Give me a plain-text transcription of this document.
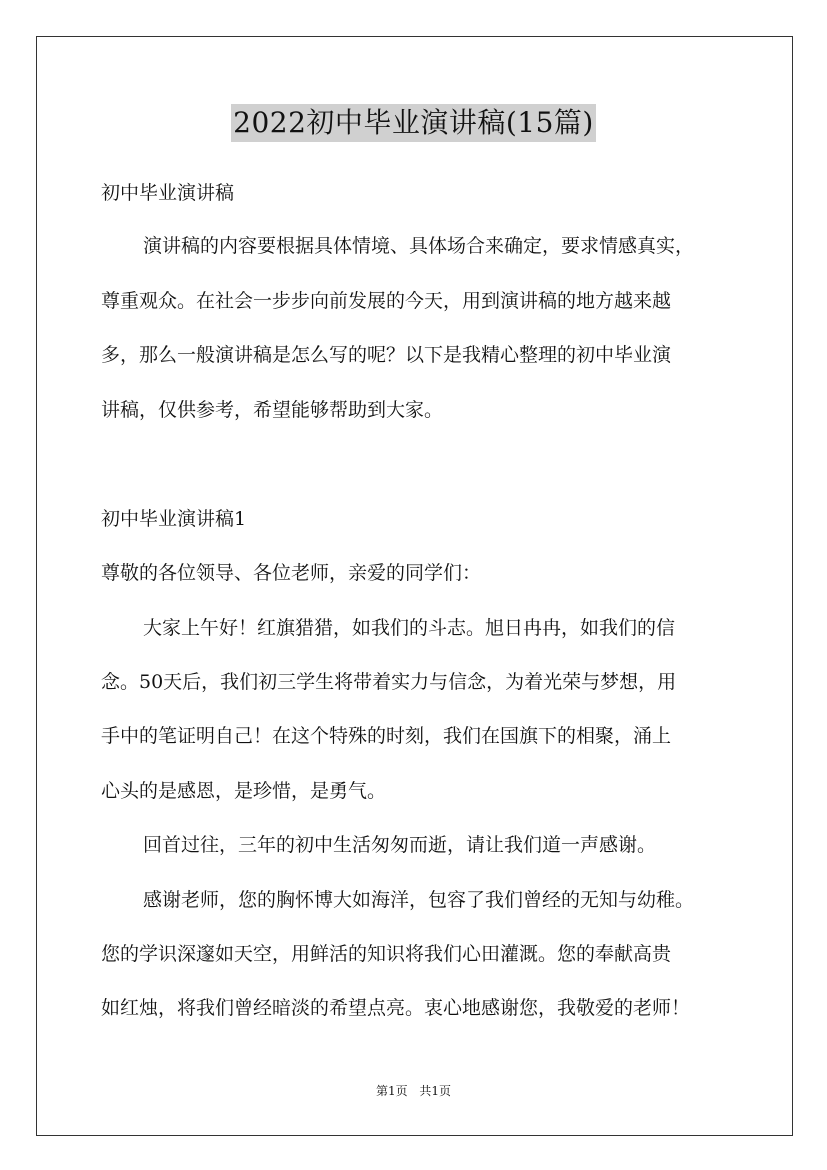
2022初中毕业演讲稿(15篇)
初中毕业演讲稿
演讲稿的内容要根据具体情境、具体场合来确定，要求情感真实，
尊重观众。在社会一步步向前发展的今天，用到演讲稿的地方越来越
多，那么一般演讲稿是怎么写的呢？以下是我精心整理的初中毕业演
讲稿，仅供参考，希望能够帮助到大家。
初中毕业演讲稿1
尊敬的各位领导、各位老师，亲爱的同学们：
大家上午好！红旗猎猎，如我们的斗志。旭日冉冉，如我们的信
念。50天后，我们初三学生将带着实力与信念，为着光荣与梦想，用
手中的笔证明自己！在这个特殊的时刻，我们在国旗下的相聚，涌上
心头的是感恩，是珍惜，是勇气。
回首过往，三年的初中生活匆匆而逝，请让我们道一声感谢。
感谢老师，您的胸怀博大如海洋，包容了我们曾经的无知与幼稚。
您的学识深邃如天空，用鲜活的知识将我们心田灌溉。您的奉献高贵
如红烛，将我们曾经暗淡的希望点亮。衷心地感谢您，我敬爱的老师！
第1页 共1页
